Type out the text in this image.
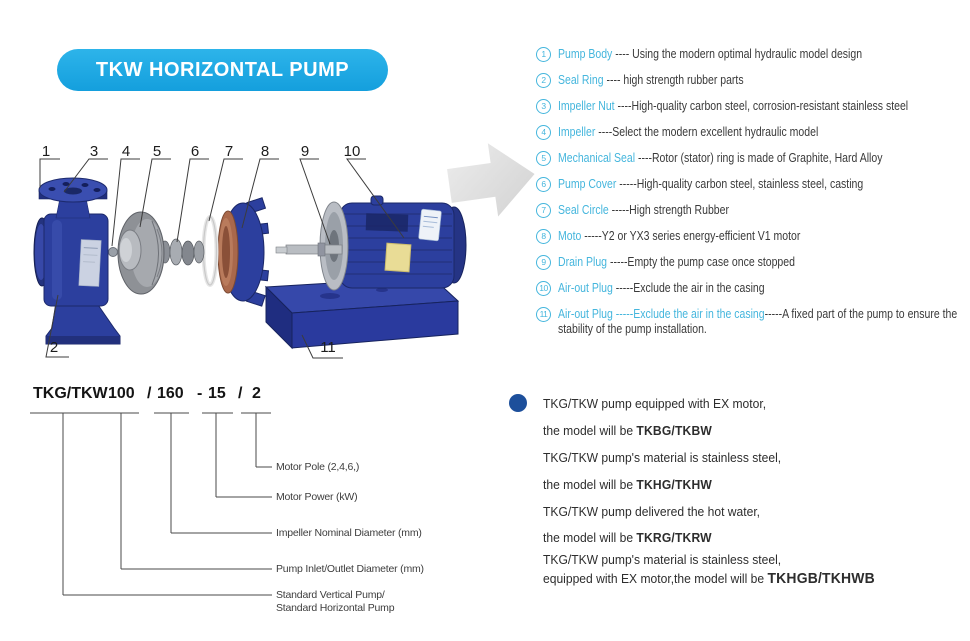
TKW HORIZONTAL PUMP
1
2
3 4 5 6 7 8 9 10
11
1 Pump Body ---- Using the modern optimal hydraulic model design
2 Seal Ring ---- high strength rubber parts
3 Impeller Nut ----High-quality carbon steel, corrosion-resistant stainless steel
4 Impeller ----Select the modern excellent hydraulic model
5 Mechanical Seal ----Rotor (stator) ring is made of Graphite, Hard Alloy
6 Pump Cover -----High-quality carbon steel, stainless steel, casting
7 Seal Circle -----High strength Rubber
8 Moto -----Y2 or YX3 series energy-efficient V1 motor
9 Drain Plug -----Empty the pump case once stopped
10 Air-out Plug -----Exclude the air in the casing
11 Air-out Plug -----Exclude the air in the casing-----A fixed part of the pump to ensure the stability of the pump installation.
TKG/TKW 100 / 160 - 15 / 2
Motor Pole (2,4,6,)
Motor Power (kW)
Impeller Nominal Diameter (mm)
Pump Inlet/Outlet Diameter (mm)
Standard Vertical Pump/
Standard Horizontal Pump
TKG/TKW pump equipped with EX motor,
the model will be TKBG/TKBW
TKG/TKW pump's material is stainless steel,
the model will be TKHG/TKHW
TKG/TKW pump delivered the hot water,
the model will be TKRG/TKRW
TKG/TKW pump's material is stainless steel,
equipped with EX motor,the model will be TKHGB/TKHWB
